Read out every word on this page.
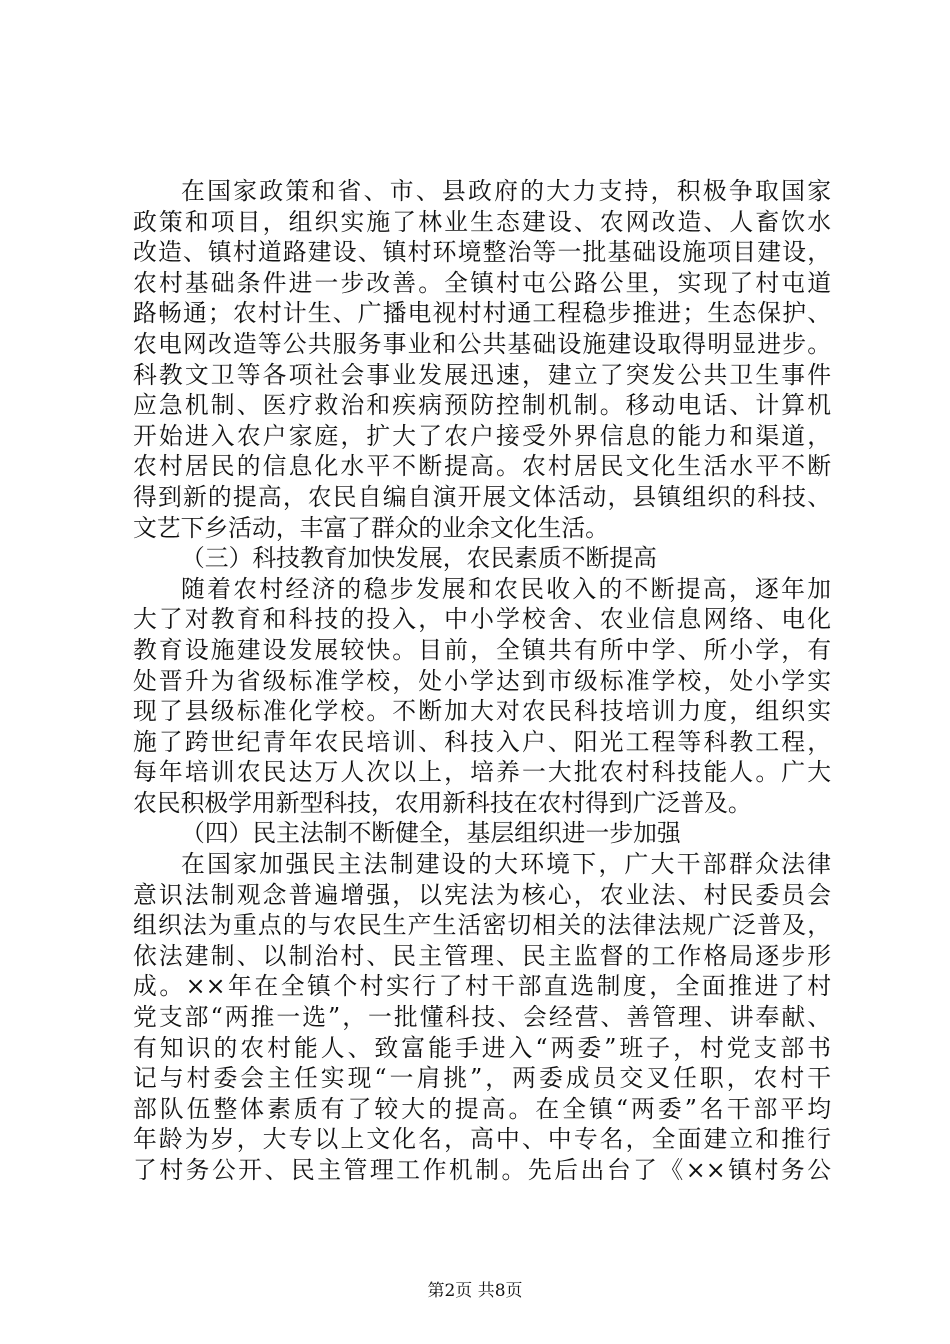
在国家政策和省、市、县政府的大力支持，积极争取国家
政策和项目，组织实施了林业生态建设、农网改造、人畜饮水
改造、镇村道路建设、镇村环境整治等一批基础设施项目建设，
农村基础条件进一步改善。全镇村屯公路公里，实现了村屯道
路畅通；农村计生、广播电视村村通工程稳步推进；生态保护、
农电网改造等公共服务事业和公共基础设施建设取得明显进步。
科教文卫等各项社会事业发展迅速，建立了突发公共卫生事件
应急机制、医疗救治和疾病预防控制机制。移动电话、计算机
开始进入农户家庭，扩大了农户接受外界信息的能力和渠道，
农村居民的信息化水平不断提高。农村居民文化生活水平不断
得到新的提高，农民自编自演开展文体活动，县镇组织的科技、
文艺下乡活动，丰富了群众的业余文化生活。
（三）科技教育加快发展，农民素质不断提高
随着农村经济的稳步发展和农民收入的不断提高，逐年加
大了对教育和科技的投入，中小学校舍、农业信息网络、电化
教育设施建设发展较快。目前，全镇共有所中学、所小学，有
处晋升为省级标准学校，处小学达到市级标准学校，处小学实
现了县级标准化学校。不断加大对农民科技培训力度，组织实
施了跨世纪青年农民培训、科技入户、阳光工程等科教工程，
每年培训农民达万人次以上，培养一大批农村科技能人。广大
农民积极学用新型科技，农用新科技在农村得到广泛普及。
（四）民主法制不断健全，基层组织进一步加强
在国家加强民主法制建设的大环境下，广大干部群众法律
意识法制观念普遍增强，以宪法为核心，农业法、村民委员会
组织法为重点的与农民生产生活密切相关的法律法规广泛普及，
依法建制、以制治村、民主管理、民主监督的工作格局逐步形
成。××年在全镇个村实行了村干部直选制度，全面推进了村
党支部“两推一选”，一批懂科技、会经营、善管理、讲奉献、
有知识的农村能人、致富能手进入“两委”班子，村党支部书
记与村委会主任实现“一肩挑”，两委成员交叉任职，农村干
部队伍整体素质有了较大的提高。在全镇“两委”名干部平均
年龄为岁，大专以上文化名，高中、中专名，全面建立和推行
了村务公开、民主管理工作机制。先后出台了《××镇村务公
第2页 共8页
